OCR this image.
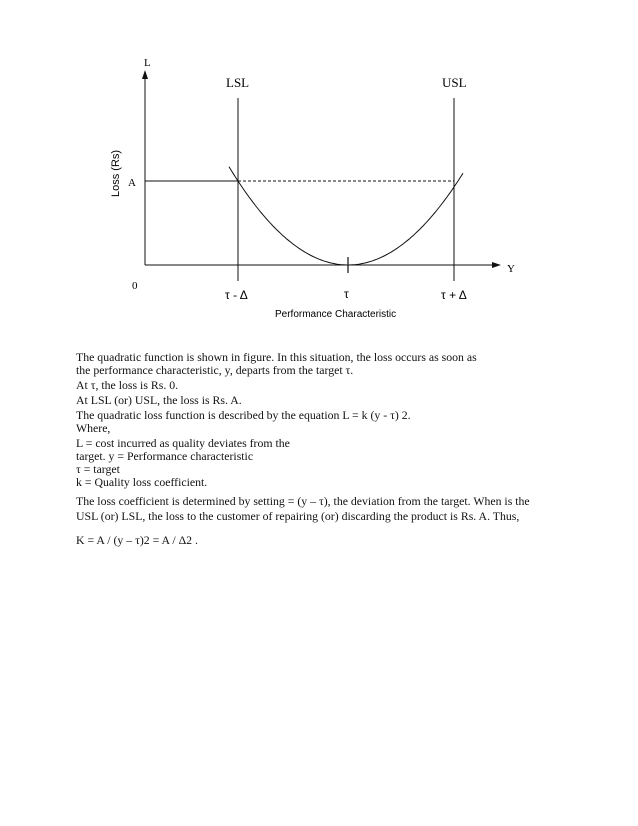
L
Loss (Rs) A
0
Y
LSL	USL
τ - Δ	τ	τ + Δ
Performance Characteristic

The quadratic function is shown in figure. In this situation, the loss occurs as soon as

the performance characteristic, y, departs from the target τ.

At τ, the loss is Rs. 0.

At LSL (or) USL, the loss is Rs. A.

The quadratic loss function is described by the equation L = k (y - τ) 2.

Where,

L = cost incurred as quality deviates from the

target. y = Performance characteristic

τ = target

k = Quality loss coefficient.

The loss coefficient is determined by setting = (y – τ), the deviation from the target. When is the

USL (or) LSL, the loss to the customer of repairing (or) discarding the product is Rs. A. Thus,

K = A / (y – τ)2 = A / Δ2 .
